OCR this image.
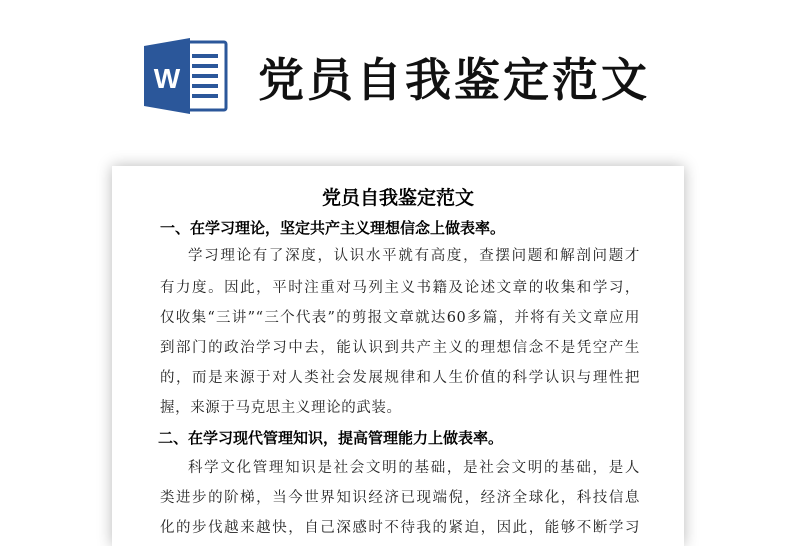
W 党员自我鉴定范文
党员自我鉴定范文
一、在学习理论，坚定共产主义理想信念上做表率。
学习理论有了深度，认识水平就有高度，查摆问题和解剖问题才
有力度。因此，平时注重对马列主义书籍及论述文章的收集和学习，
仅收集“三讲”“三个代表”的剪报文章就达60多篇，并将有关文章应用
到部门的政治学习中去，能认识到共产主义的理想信念不是凭空产生
的，而是来源于对人类社会发展规律和人生价值的科学认识与理性把
握，来源于马克思主义理论的武装。
二、在学习现代管理知识，提高管理能力上做表率。
科学文化管理知识是社会文明的基础，是社会文明的基础，是人
类进步的阶梯，当今世界知识经济已现端倪，经济全球化，科技信息
化的步伐越来越快，自己深感时不待我的紧迫，因此，能够不断学习
